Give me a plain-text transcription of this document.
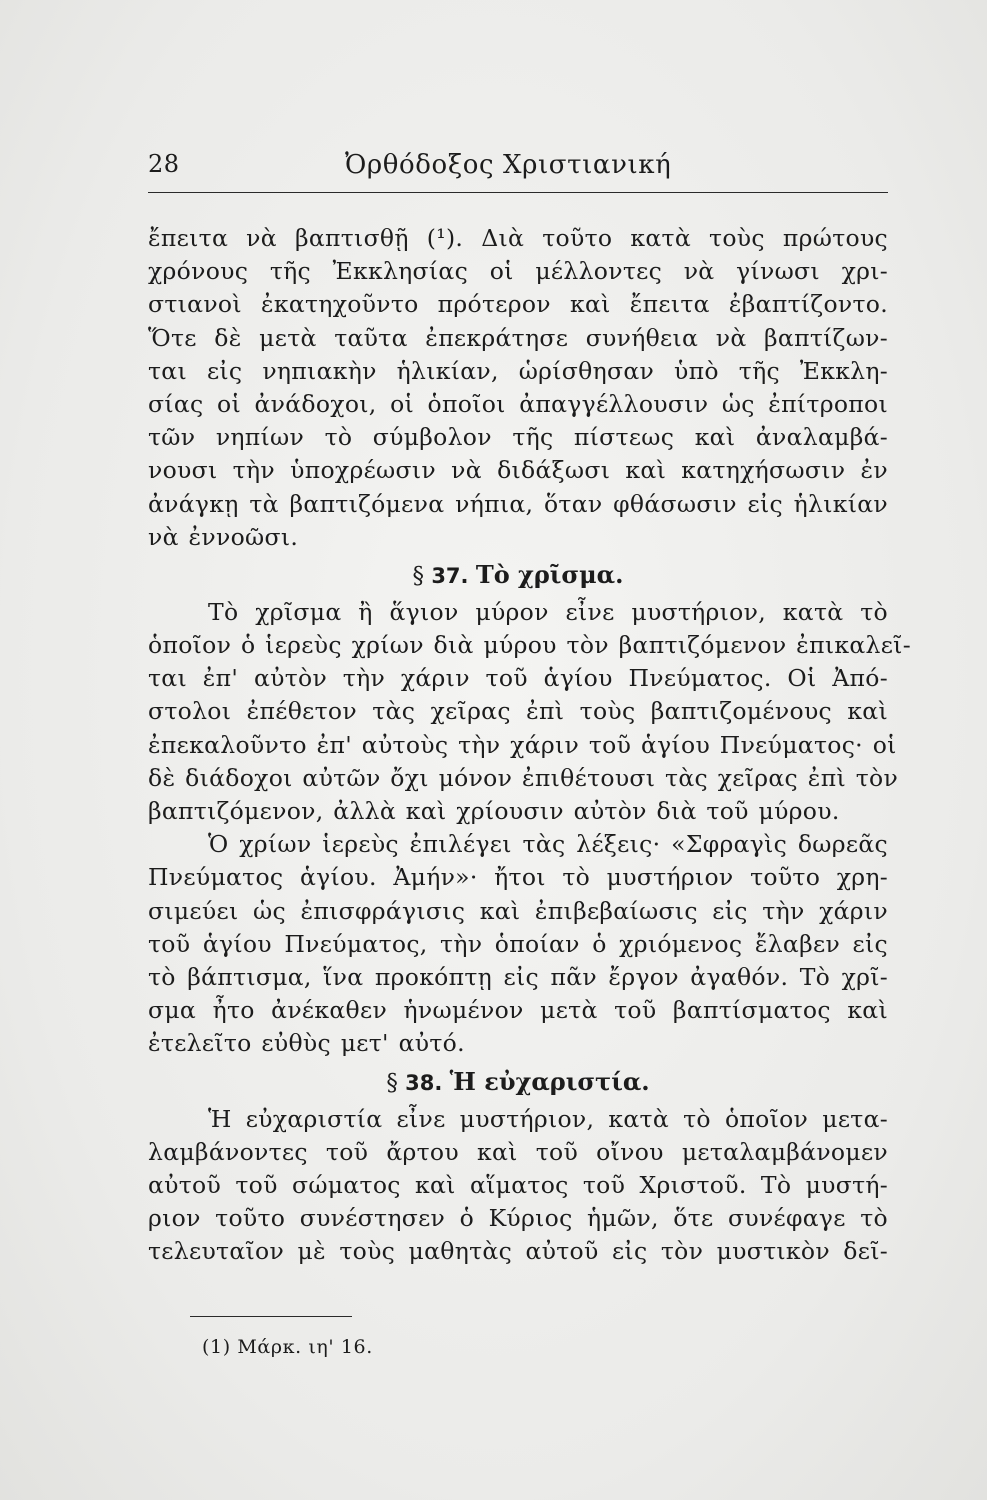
28	Ὀρθόδοξος Χριστιανική
ἔπειτα νὰ βαπτισθῇ (¹). Διὰ τοῦτο κατὰ τοὺς πρώτους
χρόνους τῆς Ἐκκλησίας οἱ μέλλοντες νὰ γίνωσι χρι-
στιανοὶ ἐκατηχοῦντο πρότερον καὶ ἔπειτα ἐβαπτίζοντο.
Ὅτε δὲ μετὰ ταῦτα ἐπεκράτησε συνήθεια νὰ βαπτίζων-
ται εἰς νηπιακὴν ἡλικίαν, ὡρίσθησαν ὑπὸ τῆς Ἐκκλη-
σίας οἱ ἀνάδοχοι, οἱ ὁποῖοι ἀπαγγέλλουσιν ὡς ἐπίτροποι
τῶν νηπίων τὸ σύμβολον τῆς πίστεως καὶ ἀναλαμβά-
νουσι τὴν ὑποχρέωσιν νὰ διδάξωσι καὶ κατηχήσωσιν ἐν
ἀνάγκῃ τὰ βαπτιζόμενα νήπια, ὅταν φθάσωσιν εἰς ἡλικίαν
νὰ ἐννοῶσι.
§ 37. Τὸ χρῖσμα.
Τὸ χρῖσμα ἢ ἅγιον μύρον εἶνε μυστήριον, κατὰ τὸ
ὁποῖον ὁ ἱερεὺς χρίων διὰ μύρου τὸν βαπτιζόμενον ἐπικαλεῖ-
ται ἐπ' αὐτὸν τὴν χάριν τοῦ ἁγίου Πνεύματος. Οἱ Ἀπό-
στολοι ἐπέθετον τὰς χεῖρας ἐπὶ τοὺς βαπτιζομένους καὶ
ἐπεκαλοῦντο ἐπ' αὐτοὺς τὴν χάριν τοῦ ἁγίου Πνεύματος· οἱ
δὲ διάδοχοι αὐτῶν ὄχι μόνον ἐπιθέτουσι τὰς χεῖρας ἐπὶ τὸν
βαπτιζόμενον, ἀλλὰ καὶ χρίουσιν αὐτὸν διὰ τοῦ μύρου.
Ὁ χρίων ἱερεὺς ἐπιλέγει τὰς λέξεις· «Σφραγὶς δωρεᾶς
Πνεύματος ἁγίου. Ἀμήν»· ἤτοι τὸ μυστήριον τοῦτο χρη-
σιμεύει ὡς ἐπισφράγισις καὶ ἐπιβεβαίωσις εἰς τὴν χάριν
τοῦ ἁγίου Πνεύματος, τὴν ὁποίαν ὁ χριόμενος ἔλαβεν εἰς
τὸ βάπτισμα, ἵνα προκόπτῃ εἰς πᾶν ἔργον ἀγαθόν. Τὸ χρῖ-
σμα ἦτο ἀνέκαθεν ἡνωμένον μετὰ τοῦ βαπτίσματος καὶ
ἐτελεῖτο εὐθὺς μετ' αὐτό.
§ 38. Ἡ εὐχαριστία.
Ἡ εὐχαριστία εἶνε μυστήριον, κατὰ τὸ ὁποῖον μετα-
λαμβάνοντες τοῦ ἄρτου καὶ τοῦ οἴνου μεταλαμβάνομεν
αὐτοῦ τοῦ σώματος καὶ αἵματος τοῦ Χριστοῦ. Τὸ μυστή-
ριον τοῦτο συνέστησεν ὁ Κύριος ἡμῶν, ὅτε συνέφαγε τὸ
τελευταῖον μὲ τοὺς μαθητὰς αὐτοῦ εἰς τὸν μυστικὸν δεῖ-
(1) Μάρκ. ιη' 16.
